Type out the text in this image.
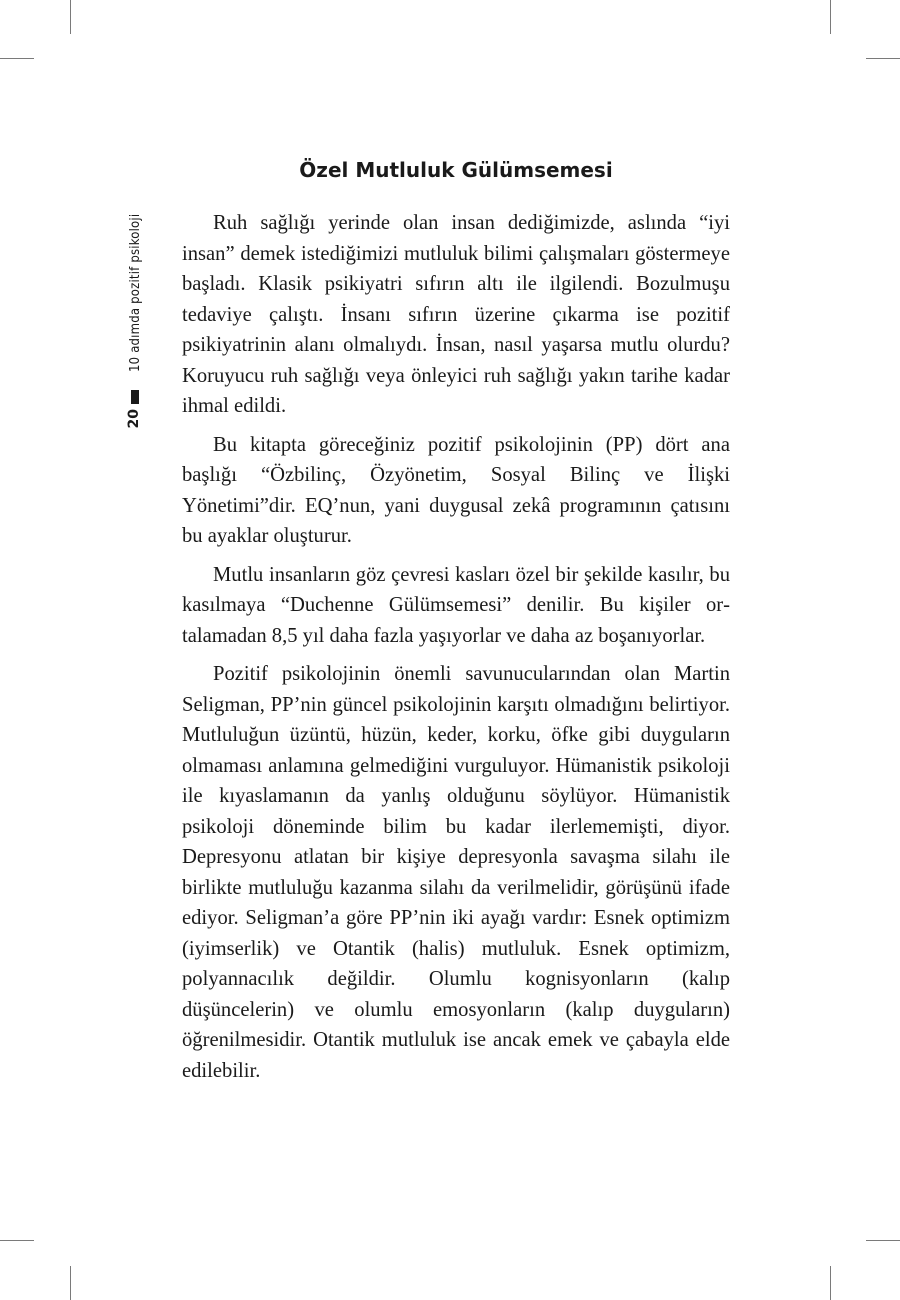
10 adımda pozitif psikoloji
20
Özel Mutluluk Gülümsemesi

Ruh sağlığı yerinde olan insan dediğimizde, aslında “iyi insan” demek istediğimizi mutluluk bilimi çalışmaları göstermeye başladı. Klasik psikiyatri sıfırın altı ile ilgilendi. Bozulmuşu tedaviye çalıştı. İnsanı sıfırın üzerine çıkarma ise pozitif psikiyatrinin alanı olmalıydı. İnsan, nasıl yaşarsa mutlu olurdu? Koruyucu ruh sağlığı veya önleyici ruh sağlığı yakın tarihe kadar ihmal edildi.

Bu kitapta göreceğiniz pozitif psikolojinin (PP) dört ana başlığı “Özbilinç, Özyönetim, Sosyal Bilinç ve İlişki Yönetimi”dir. EQ’nun, yani duygusal zekâ programının çatısını bu ayaklar oluşturur.

Mutlu insanların göz çevresi kasları özel bir şekilde kasılır, bu kasılmaya “Duchenne Gülümsemesi” denilir. Bu kişiler ortalamadan 8,5 yıl daha fazla yaşıyorlar ve daha az boşanıyorlar.

Pozitif psikolojinin önemli savunucularından olan Martin Seligman, PP’nin güncel psikolojinin karşıtı olmadığını belirtiyor. Mutluluğun üzüntü, hüzün, keder, korku, öfke gibi duyguların olmaması anlamına gelmediğini vurguluyor. Hümanistik psikoloji ile kıyaslamanın da yanlış olduğunu söylüyor. Hümanistik psikoloji döneminde bilim bu kadar ilerlememişti, diyor. Depresyonu atlatan bir kişiye depresyonla savaşma silahı ile birlikte mutluluğu kazanma silahı da verilmelidir, görüşünü ifade ediyor. Seligman’a göre PP’nin iki ayağı vardır: Esnek optimizm (iyimserlik) ve Otantik (halis) mutluluk. Esnek optimizm, polyannacılık değildir. Olumlu kognisyonların (kalıp düşüncelerin) ve olumlu emosyonların (kalıp duyguların) öğrenilmesidir. Otantik mutluluk ise ancak emek ve çabayla elde edilebilir.
